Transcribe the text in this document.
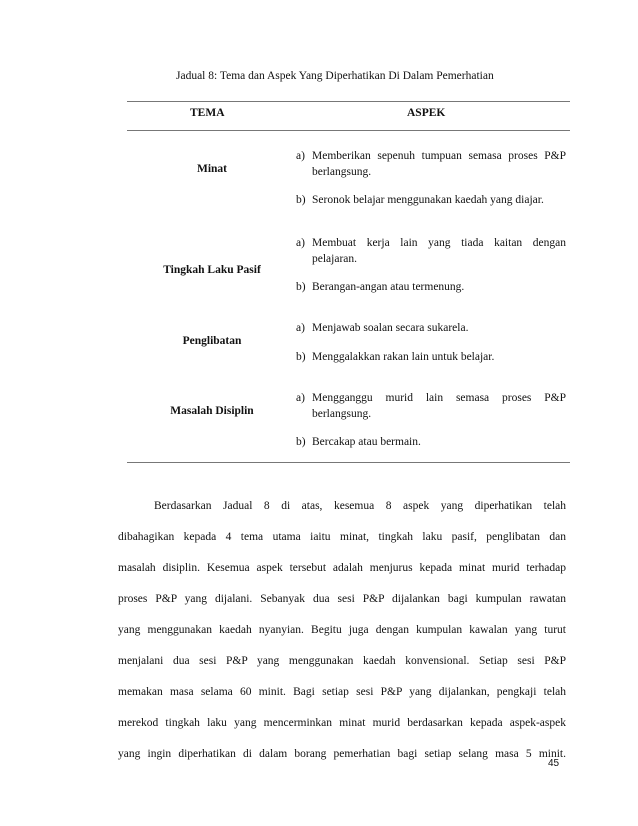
Jadual 8: Tema dan Aspek Yang Diperhatikan Di Dalam Pemerhatian
TEMA	ASPEK
Minat
a) Memberikan sepenuh tumpuan semasa proses P&P berlangsung.
b) Seronok belajar menggunakan kaedah yang diajar.
Tingkah Laku Pasif
a) Membuat kerja lain yang tiada kaitan dengan pelajaran.
b) Berangan-angan atau termenung.
Penglibatan
a) Menjawab soalan secara sukarela.
b) Menggalakkan rakan lain untuk belajar.
Masalah Disiplin
a) Mengganggu murid lain semasa proses P&P berlangsung.
b) Bercakap atau bermain.
Berdasarkan Jadual 8 di atas, kesemua 8 aspek yang diperhatikan telah
dibahagikan kepada 4 tema utama iaitu minat, tingkah laku pasif, penglibatan dan
masalah disiplin. Kesemua aspek tersebut adalah menjurus kepada minat murid terhadap
proses P&P yang dijalani. Sebanyak dua sesi P&P dijalankan bagi kumpulan rawatan
yang menggunakan kaedah nyanyian. Begitu juga dengan kumpulan kawalan yang turut
menjalani dua sesi P&P yang menggunakan kaedah konvensional. Setiap sesi P&P
memakan masa selama 60 minit. Bagi setiap sesi P&P yang dijalankan, pengkaji telah
merekod tingkah laku yang mencerminkan minat murid berdasarkan kepada aspek-aspek
yang ingin diperhatikan di dalam borang pemerhatian bagi setiap selang masa 5 minit.
45
